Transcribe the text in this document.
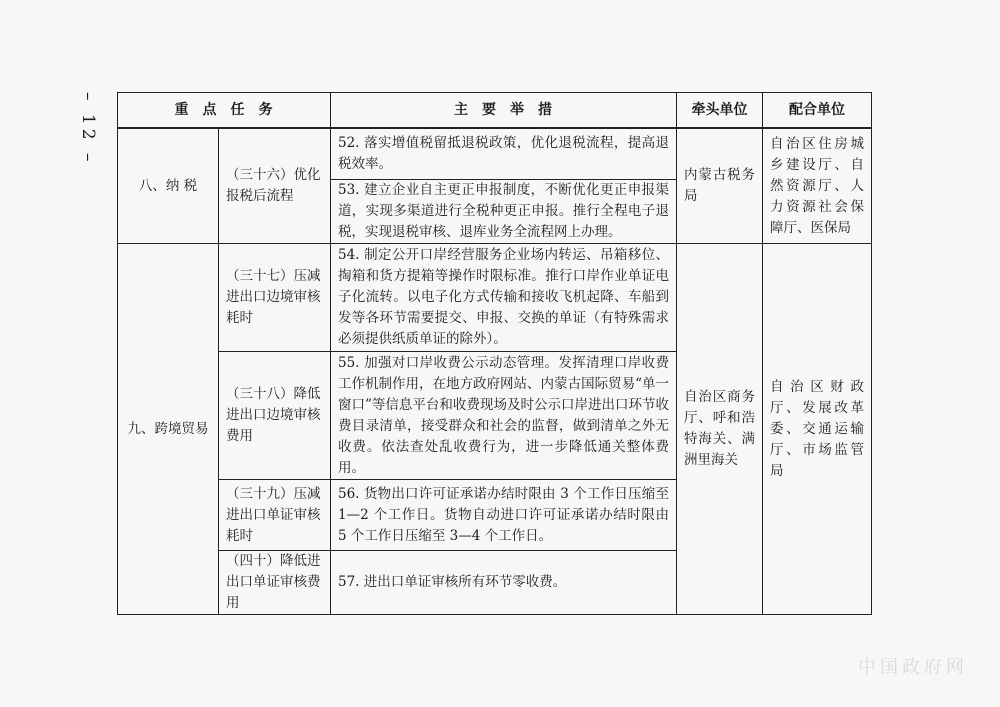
– 12 –	重点任务		主要举措	牵头单位	配合单位
八、纳 税	（三十六）优化报税后流程	52. 落实增值税留抵退税政策，优化退税流程，提高退税效率。	内蒙古税务局	自治区住房城乡建设厅、自然资源厅、人力资源社会保障厅、医保局
		53. 建立企业自主更正申报制度，不断优化更正申报渠道，实现多渠道进行全税种更正申报。推行全程电子退税，实现退税审核、退库业务全流程网上办理。		
九、跨境贸易	（三十七）压减进出口边境审核耗时	54. 制定公开口岸经营服务企业场内转运、吊箱移位、掏箱和货方提箱等操作时限标准。推行口岸作业单证电子化流转。以电子化方式传输和接收飞机起降、车船到发等各环节需要提交、申报、交换的单证（有特殊需求必须提供纸质单证的除外）。	自治区商务厅、呼和浩特海关、满洲里海关	自治区财政厅、发展改革委、交通运输厅、市场监管局
	（三十八）降低进出口边境审核费用	55. 加强对口岸收费公示动态管理。发挥清理口岸收费工作机制作用，在地方政府网站、内蒙古国际贸易“单一窗口”等信息平台和收费现场及时公示口岸进出口环节收费目录清单，接受群众和社会的监督，做到清单之外无收费。依法查处乱收费行为，进一步降低通关整体费用。		
	（三十九）压减进出口单证审核耗时	56. 货物出口许可证承诺办结时限由 3 个工作日压缩至 1—2 个工作日。货物自动进口许可证承诺办结时限由 5 个工作日压缩至 3—4 个工作日。		
	（四十）降低进出口单证审核费用	57. 进出口单证审核所有环节零收费。		
中国政府网
